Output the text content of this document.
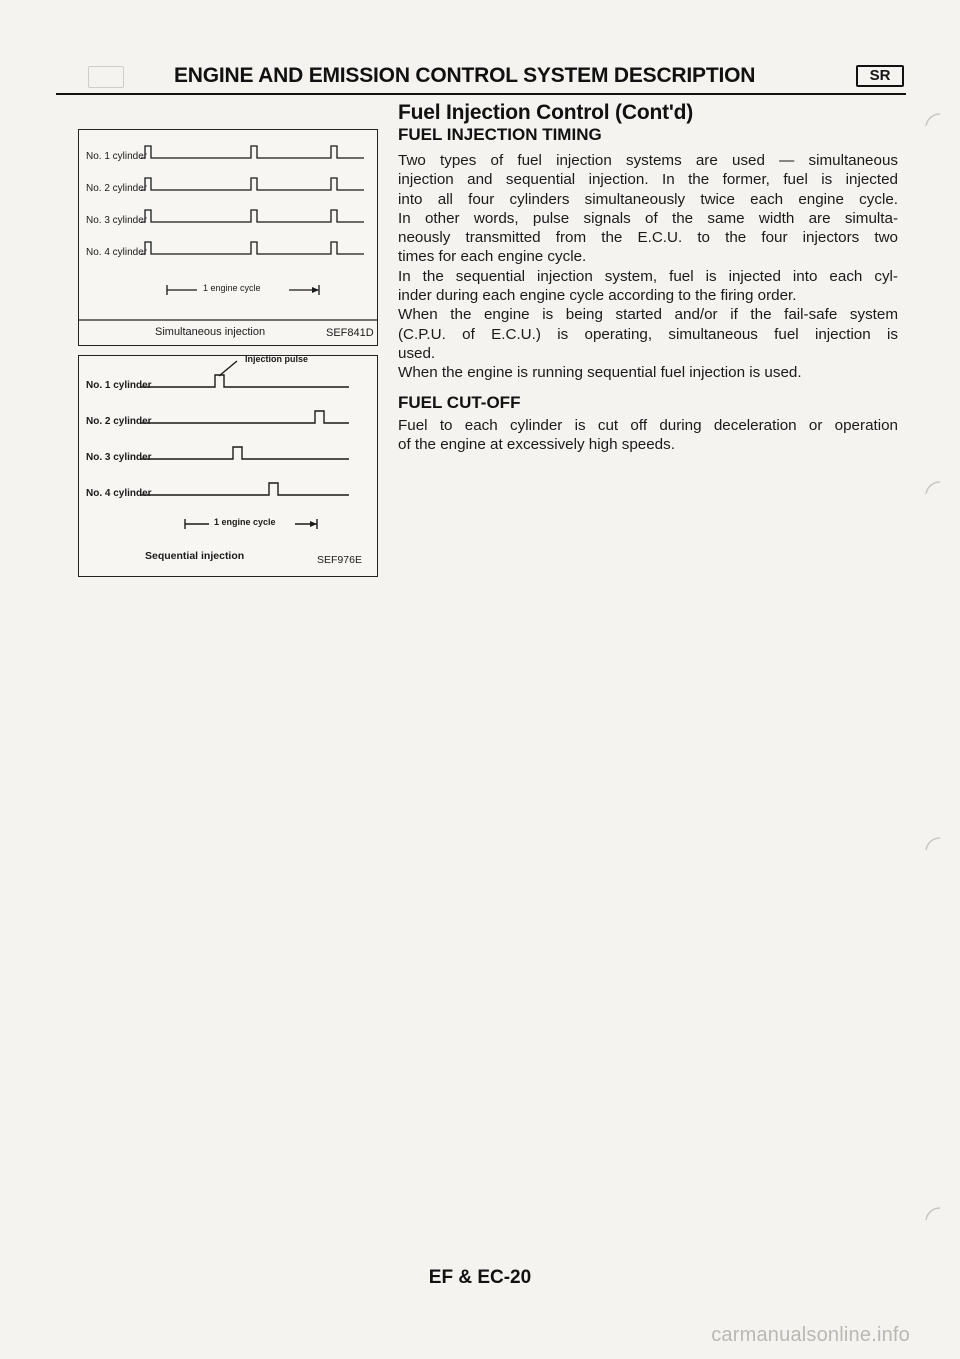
ENGINE AND EMISSION CONTROL SYSTEM DESCRIPTION	SR
No. 1 cylinder
No. 2 cylinder
No. 3 cylinder
No. 4 cylinder
1 engine cycle
Simultaneous injection	SEF841D
Injection pulse
No. 1 cylinder
No. 2 cylinder
No. 3 cylinder
No. 4 cylinder
1 engine cycle
Sequential injection	SEF976E
Fuel Injection Control (Cont'd)
FUEL INJECTION TIMING

Two types of fuel injection systems are used — simultaneous

injection and sequential injection. In the former, fuel is injected

into all four cylinders simultaneously twice each engine cycle.

In other words, pulse signals of the same width are simulta-

neously transmitted from the E.C.U. to the four injectors two

times for each engine cycle.

In the sequential injection system, fuel is injected into each cyl-

inder during each engine cycle according to the firing order.

When the engine is being started and/or if the fail-safe system

(C.P.U. of E.C.U.) is operating, simultaneous fuel injection is

used.

When the engine is running sequential fuel injection is used.

FUEL CUT-OFF

Fuel to each cylinder is cut off during deceleration or operation

of the engine at excessively high speeds.

EF & EC-20
carmanualsonline.info
